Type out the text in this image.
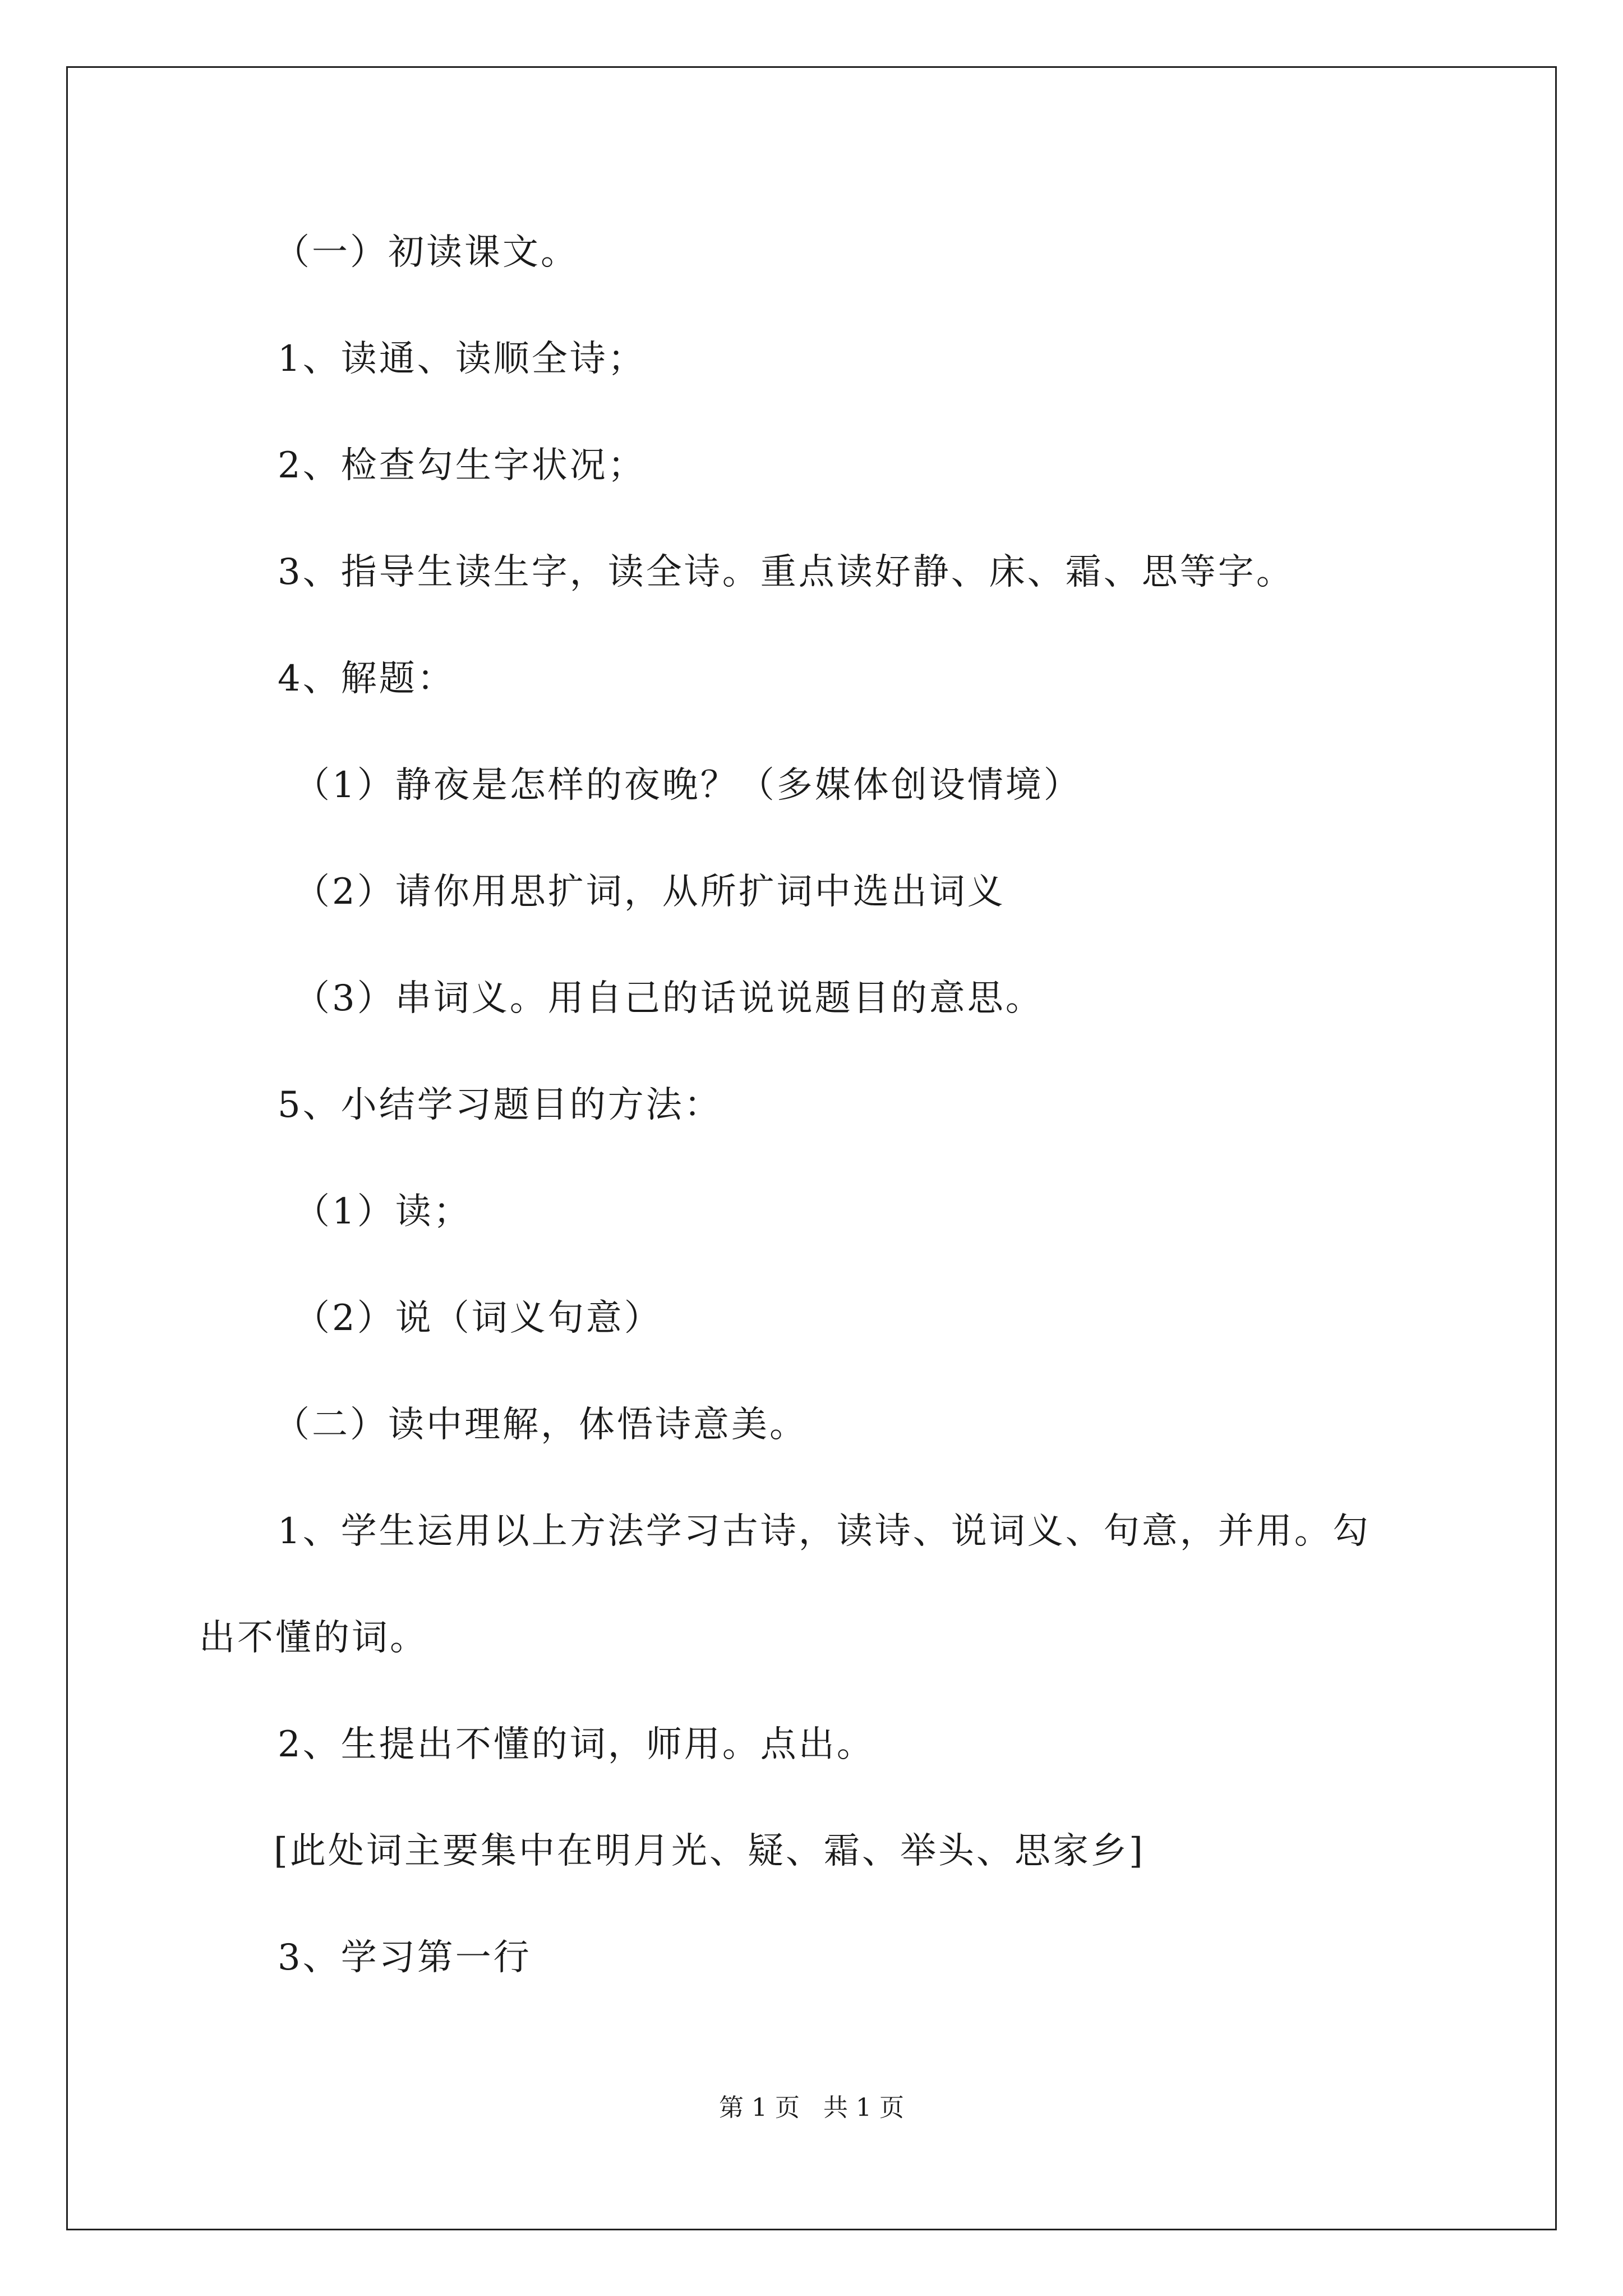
（一）初读课文。
1、读通、读顺全诗；
2、检查勾生字状况；
3、指导生读生字，读全诗。重点读好静、床、霜、思等字。
4、解题：
（1）静夜是怎样的夜晚？（多媒体创设情境）
（2）请你用思扩词，从所扩词中选出词义
（3）串词义。用自己的话说说题目的意思。
5、小结学习题目的方法：
（1）读；
（2）说（词义句意）
（二）读中理解，体悟诗意美。
1、学生运用以上方法学习古诗，读诗、说词义、句意，并用。勾
出不懂的词。
2、生提出不懂的词，师用。点出。
[此处词主要集中在明月光、疑、霜、举头、思家乡]
3、学习第一行
第 1 页   共 1 页
